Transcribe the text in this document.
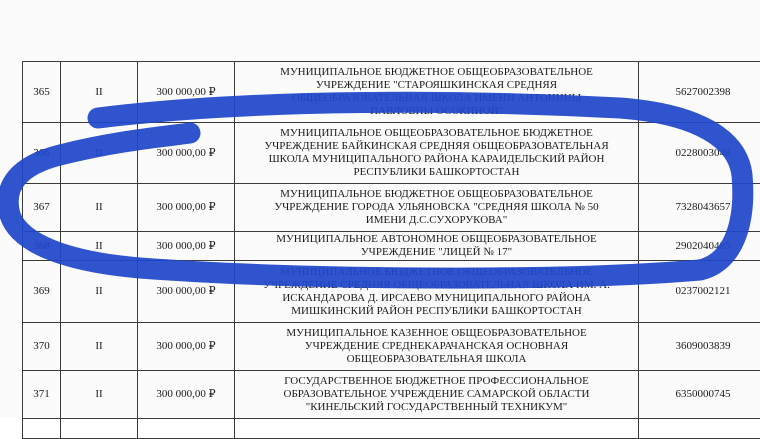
365	II	300 000,00 ₽	МУНИЦИПАЛЬНОЕ БЮДЖЕТНОЕ ОБЩЕОБРАЗОВАТЕЛЬНОЕ
УЧРЕЖДЕНИЕ "СТАРОЯШКИНСКАЯ СРЕДНЯЯ
ОБЩЕОБРАЗОВАТЕЛЬНАЯ ШКОЛА ИМЕНИ АНТОНИНЫ
ПАВЛОВНЫ ОСОКИНОЙ"	5627002398
366	II	300 000,00 ₽	МУНИЦИПАЛЬНОЕ ОБЩЕОБРАЗОВАТЕЛЬНОЕ БЮДЖЕТНОЕ
УЧРЕЖДЕНИЕ БАЙКИНСКАЯ СРЕДНЯЯ ОБЩЕОБРАЗОВАТЕЛЬНАЯ
ШКОЛА МУНИЦИПАЛЬНОГО РАЙОНА КАРАИДЕЛЬСКИЙ РАЙОН
РЕСПУБЛИКИ БАШКОРТОСТАН	0228003048
367	II	300 000,00 ₽	МУНИЦИПАЛЬНОЕ БЮДЖЕТНОЕ ОБЩЕОБРАЗОВАТЕЛЬНОЕ
УЧРЕЖДЕНИЕ ГОРОДА УЛЬЯНОВСКА "СРЕДНЯЯ ШКОЛА № 50
ИМЕНИ Д.С.СУХОРУКОВА"	7328043657
368	II	300 000,00 ₽	МУНИЦИПАЛЬНОЕ АВТОНОМНОЕ ОБЩЕОБРАЗОВАТЕЛЬНОЕ
УЧРЕЖДЕНИЕ "ЛИЦЕЙ № 17"	2902040485
369	II	300 000,00 ₽	МУНИЦИПАЛЬНОЕ БЮДЖЕТНОЕ ОБЩЕОБРАЗОВАТЕЛЬНОЕ
УЧРЕЖДЕНИЕ СРЕДНЯЯ ОБЩЕОБРАЗОВАТЕЛЬНАЯ ШКОЛА ИМ. А.
ИСКАНДАРОВА Д. ИРСАЕВО МУНИЦИПАЛЬНОГО РАЙОНА
МИШКИНСКИЙ РАЙОН РЕСПУБЛИКИ БАШКОРТОСТАН	0237002121
370	II	300 000,00 ₽	МУНИЦИПАЛЬНОЕ КАЗЕННОЕ ОБЩЕОБРАЗОВАТЕЛЬНОЕ
УЧРЕЖДЕНИЕ СРЕДНЕКАРАЧАНСКАЯ ОСНОВНАЯ
ОБЩЕОБРАЗОВАТЕЛЬНАЯ ШКОЛА	3609003839
371	II	300 000,00 ₽	ГОСУДАРСТВЕННОЕ БЮДЖЕТНОЕ ПРОФЕССИОНАЛЬНОЕ
ОБРАЗОВАТЕЛЬНОЕ УЧРЕЖДЕНИЕ САМАРСКОЙ ОБЛАСТИ
"КИНЕЛЬСКИЙ ГОСУДАРСТВЕННЫЙ ТЕХНИКУМ"	6350000745
